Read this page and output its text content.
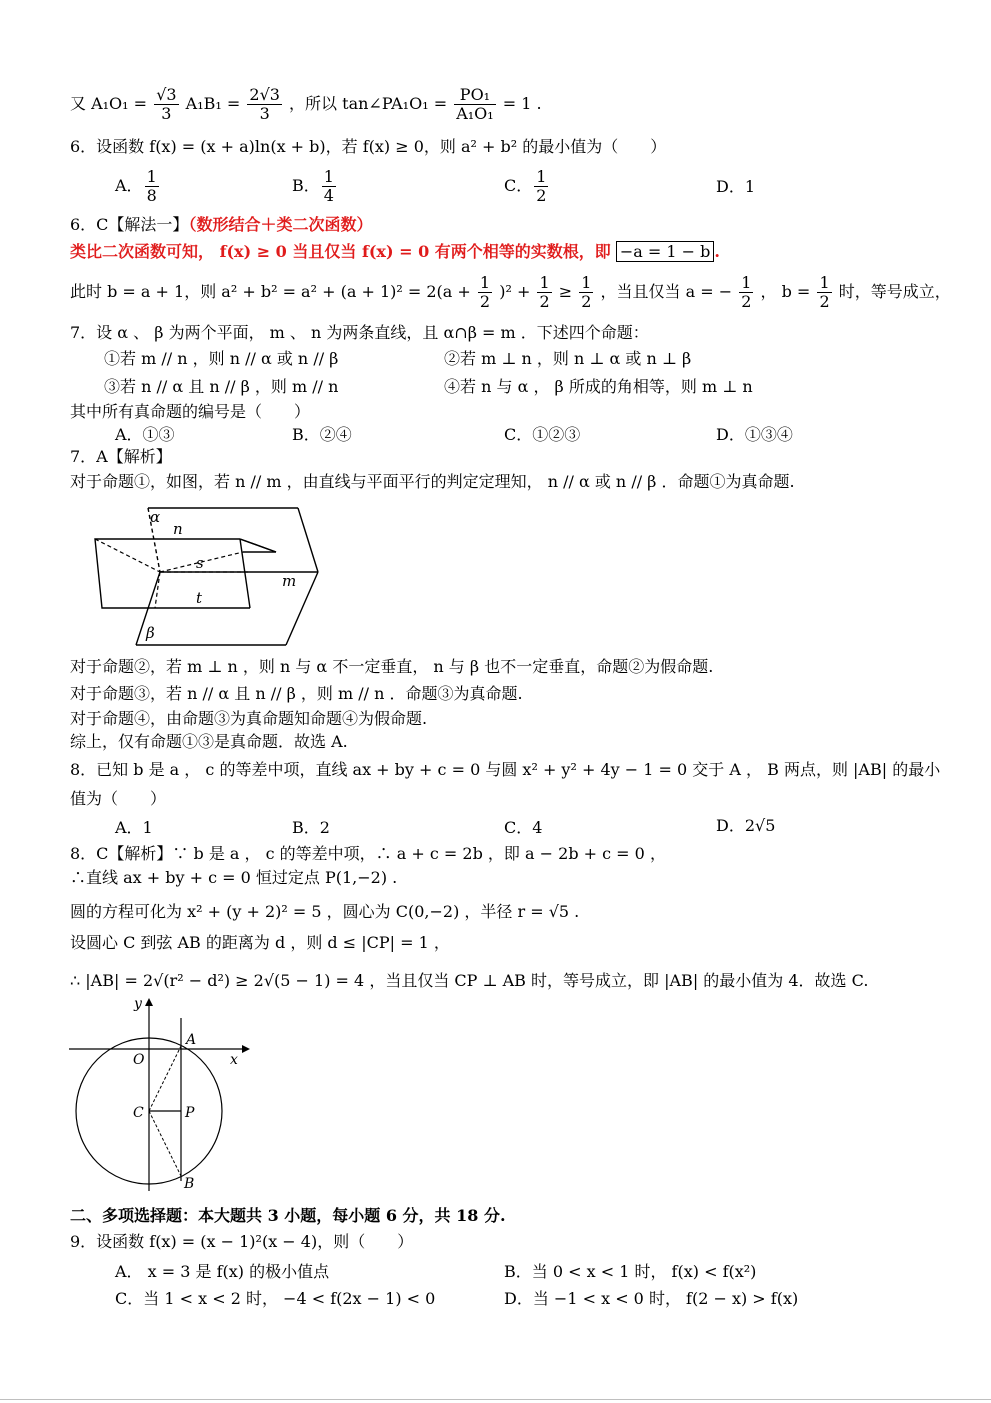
又 $A_1O_1 = \frac{√3}{3} A_1B_1 = \frac{2√3}{3}$ ，所以 tan∠PA₁O₁ = $\frac{\text{PO₁}}{\text{A₁O₁}} = 1$ .
6．设函数 f(x) = (x + a)ln(x + b)，若 f(x) ≥ 0，则 a² + b² 的最小值为（　　）
A． $\frac{1}{8}$	B． $\frac{1}{4}$	C． $\frac{1}{2}$	D．1
6．C【解法一】（数形结合＋类二次函数）
类比二次函数可知， f(x) ≥ 0 当且仅当 f(x) = 0 有两个相等的实数根，即 −a = 1 − b .
此时 b = a + 1，则 $a^2 + b^2 = a^2 + (a + 1)^2 = 2(a + \frac{1}{2} )^2 + \frac{1}{2} \ge \frac{1}{2}$ ，当且仅当 a = − $\frac{1}{2}$ ， $b = \frac{1}{2}$ 时，等号成立，
7．设 α 、 β 为两个平面， m 、 n 为两条直线，且 α∩β = m ．下述四个命题：
①若 m // n ，则 n // α 或 n // β	②若 m ⊥ n ，则 n ⊥ α 或 n ⊥ β
③若 n // α 且 n // β ，则 m // n	④若 n 与 α ， β 所成的角相等，则 m ⊥ n
其中所有真命题的编号是（　　）
A．①③	B．②④	C．①②③	D．①③④
7．A【解析】
对于命题①，如图，若 n // m ，由直线与平面平行的判定定理知， n // α 或 n // β ．命题①为真命题.
α
n
s
m
t
β
对于命题②，若 m ⊥ n ，则 n 与 α 不一定垂直， n 与 β 也不一定垂直，命题②为假命题.
对于命题③，若 n // α 且 n // β ，则 m // n ．命题③为真命题.
对于命题④，由命题③为真命题知命题④为假命题.
综上，仅有命题①③是真命题．故选 A.
8．已知 b 是 a ， c 的等差中项，直线 ax + by + c = 0 与圆 x² + y² + 4y − 1 = 0 交于 A ， B 两点，则 |AB| 的最小
值为（　　）
A．1	B．2	C．4	D．2√5
8．C【解析】∵ b 是 a ， c 的等差中项，∴ a + c = 2b ，即 a − 2b + c = 0 ，
∴直线 ax + by + c = 0 恒过定点 P(1,−2) .
圆的方程可化为 x² + (y + 2)² = 5 ，圆心为 C(0,−2) ，半径 r = √5 .
设圆心 C 到弦 AB 的距离为 d ，则 d ≤ |CP| = 1 ，
∴ |AB| = 2√(r² − d²) ≥ 2√(5 − 1) = 4 ，当且仅当 CP ⊥ AB 时，等号成立，即 |AB| 的最小值为 4．故选 C.
y
x
O
A
C	P
B
二、多项选择题：本大题共 3 小题，每小题 6 分，共 18 分.
9．设函数 f(x) = (x − 1)²(x − 4)，则（　　）
A． x = 3 是 f(x) 的极小值点	B．当 0 < x < 1 时， f(x) < f(x²)
C．当 1 < x < 2 时， −4 < f(2x − 1) < 0	D．当 −1 < x < 0 时， f(2 − x) > f(x)
